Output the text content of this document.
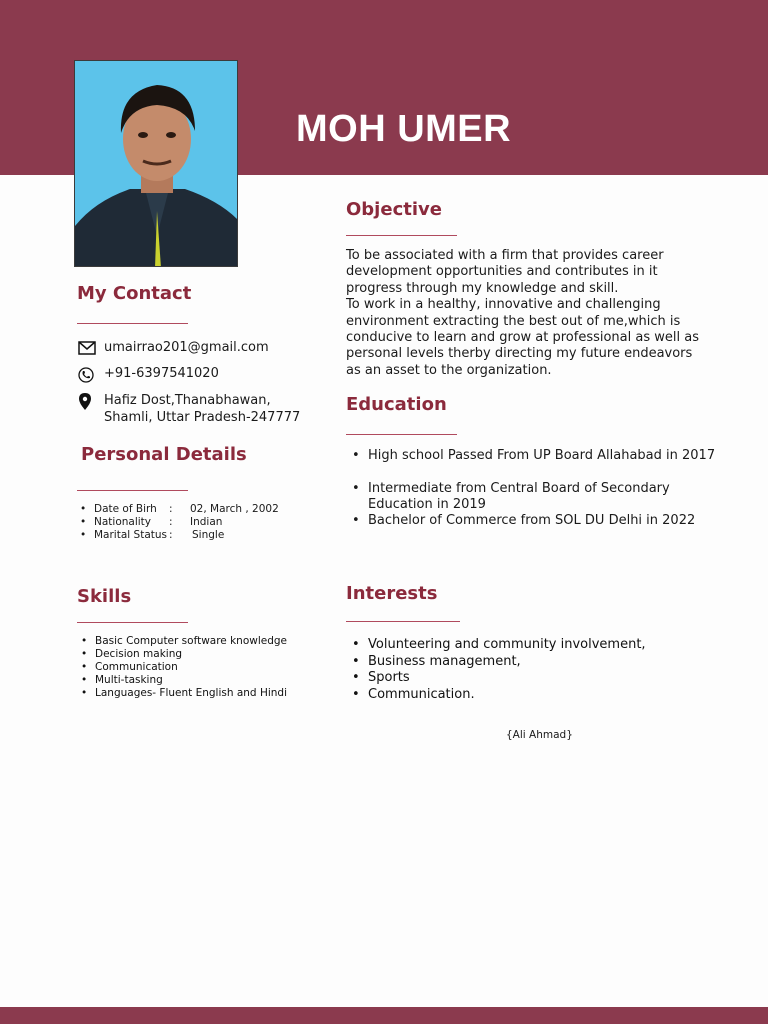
MOH UMER
My Contact
umairrao201@gmail.com
+91-6397541020
Hafiz Dost,Thanabhawan,
Shamli, Uttar Pradesh-247777
Personal Details
• Date of Birh : 02, March , 2002
• Nationality : Indian
• Marital Status : Single
Skills
• Basic Computer software knowledge
• Decision making
• Communication
• Multi-tasking
• Languages- Fluent English and Hindi
Objective
To be associated with a firm that provides career
development opportunities and contributes in it
progress through my knowledge and skill.
To work in a healthy, innovative and challenging
environment extracting the best out of me,which is
conducive to learn and grow at professional as well as
personal levels therby directing my future endeavors
as an asset to the organization.
Education
• High school Passed From UP Board Allahabad in 2017
• Intermediate from Central Board of Secondary
Education in 2019
• Bachelor of Commerce from SOL DU Delhi in 2022
Interests
• Volunteering and community involvement,
• Business management,
• Sports
• Communication.
{Ali Ahmad}
